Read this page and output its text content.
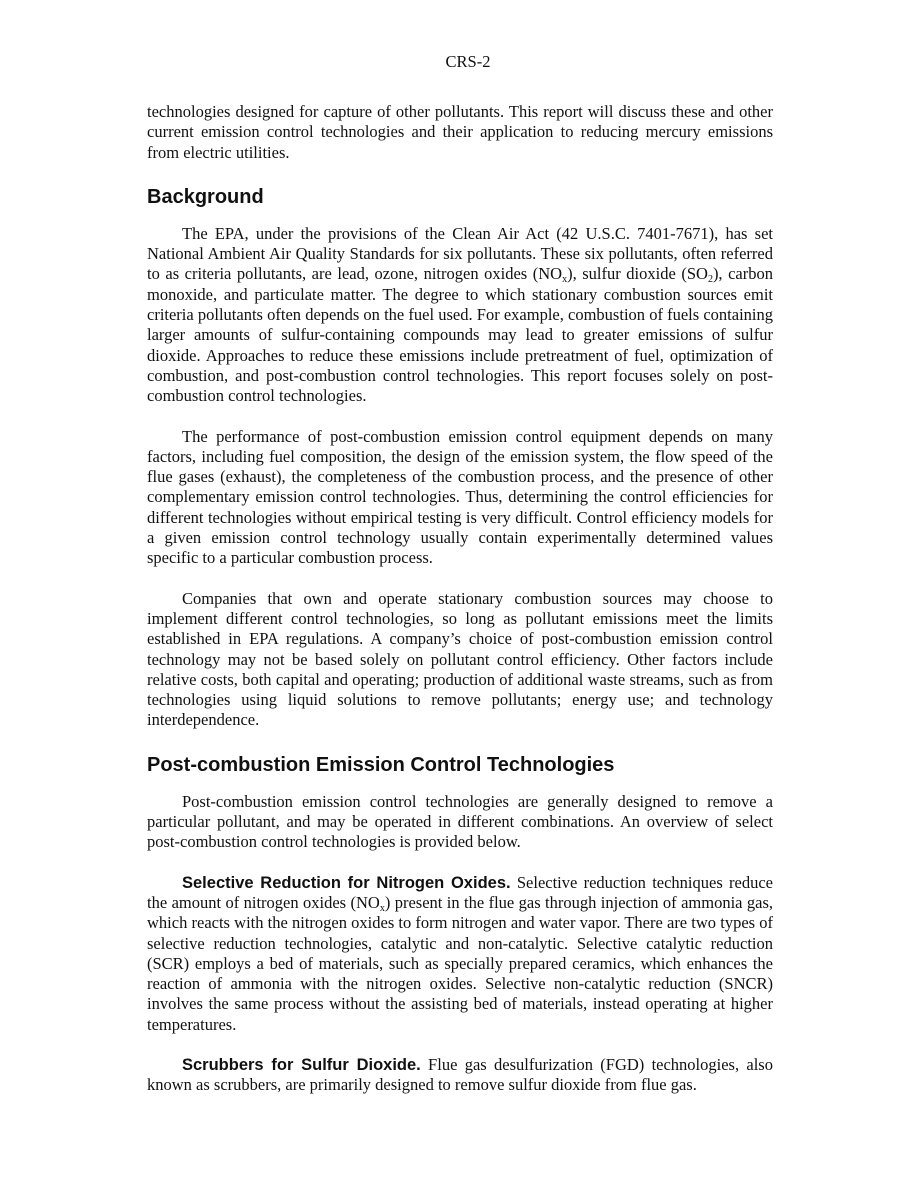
CRS-2

technologies designed for capture of other pollutants. This report will discuss these and other current emission control technologies and their application to reducing mercury emissions from electric utilities.

Background

The EPA, under the provisions of the Clean Air Act (42 U.S.C. 7401-7671), has set National Ambient Air Quality Standards for six pollutants. These six pollutants, often referred to as criteria pollutants, are lead, ozone, nitrogen oxides $(NO_x)$, sulfur dioxide $(SO_2)$, carbon monoxide, and particulate matter. The degree to which stationary combustion sources emit criteria pollutants often depends on the fuel used. For example, combustion of fuels containing larger amounts of sulfur-containing compounds may lead to greater emissions of sulfur dioxide. Approaches to reduce these emissions include pretreatment of fuel, optimization of combustion, and post-combustion control technologies. This report focuses solely on post-combustion control technologies.

The performance of post-combustion emission control equipment depends on many factors, including fuel composition, the design of the emission system, the flow speed of the flue gases (exhaust), the completeness of the combustion process, and the presence of other complementary emission control technologies. Thus, determining the control efficiencies for different technologies without empirical testing is very difficult. Control efficiency models for a given emission control technology usually contain experimentally determined values specific to a particular combustion process.

Companies that own and operate stationary combustion sources may choose to implement different control technologies, so long as pollutant emissions meet the limits established in EPA regulations. A company’s choice of post-combustion emission control technology may not be based solely on pollutant control efficiency. Other factors include relative costs, both capital and operating; production of additional waste streams, such as from technologies using liquid solutions to remove pollutants; energy use; and technology interdependence.

Post-combustion Emission Control Technologies

Post-combustion emission control technologies are generally designed to remove a particular pollutant, and may be operated in different combinations. An overview of select post-combustion control technologies is provided below.

Selective Reduction for Nitrogen Oxides. Selective reduction techniques reduce the amount of nitrogen oxides $(NO_x)$ present in the flue gas through injection of ammonia gas, which reacts with the nitrogen oxides to form nitrogen and water vapor. There are two types of selective reduction technologies, catalytic and non-catalytic. Selective catalytic reduction (SCR) employs a bed of materials, such as specially prepared ceramics, which enhances the reaction of ammonia with the nitrogen oxides. Selective non-catalytic reduction (SNCR) involves the same process without the assisting bed of materials, instead operating at higher temperatures.

Scrubbers for Sulfur Dioxide. Flue gas desulfurization (FGD) technologies, also known as scrubbers, are primarily designed to remove sulfur dioxide from flue gas.
